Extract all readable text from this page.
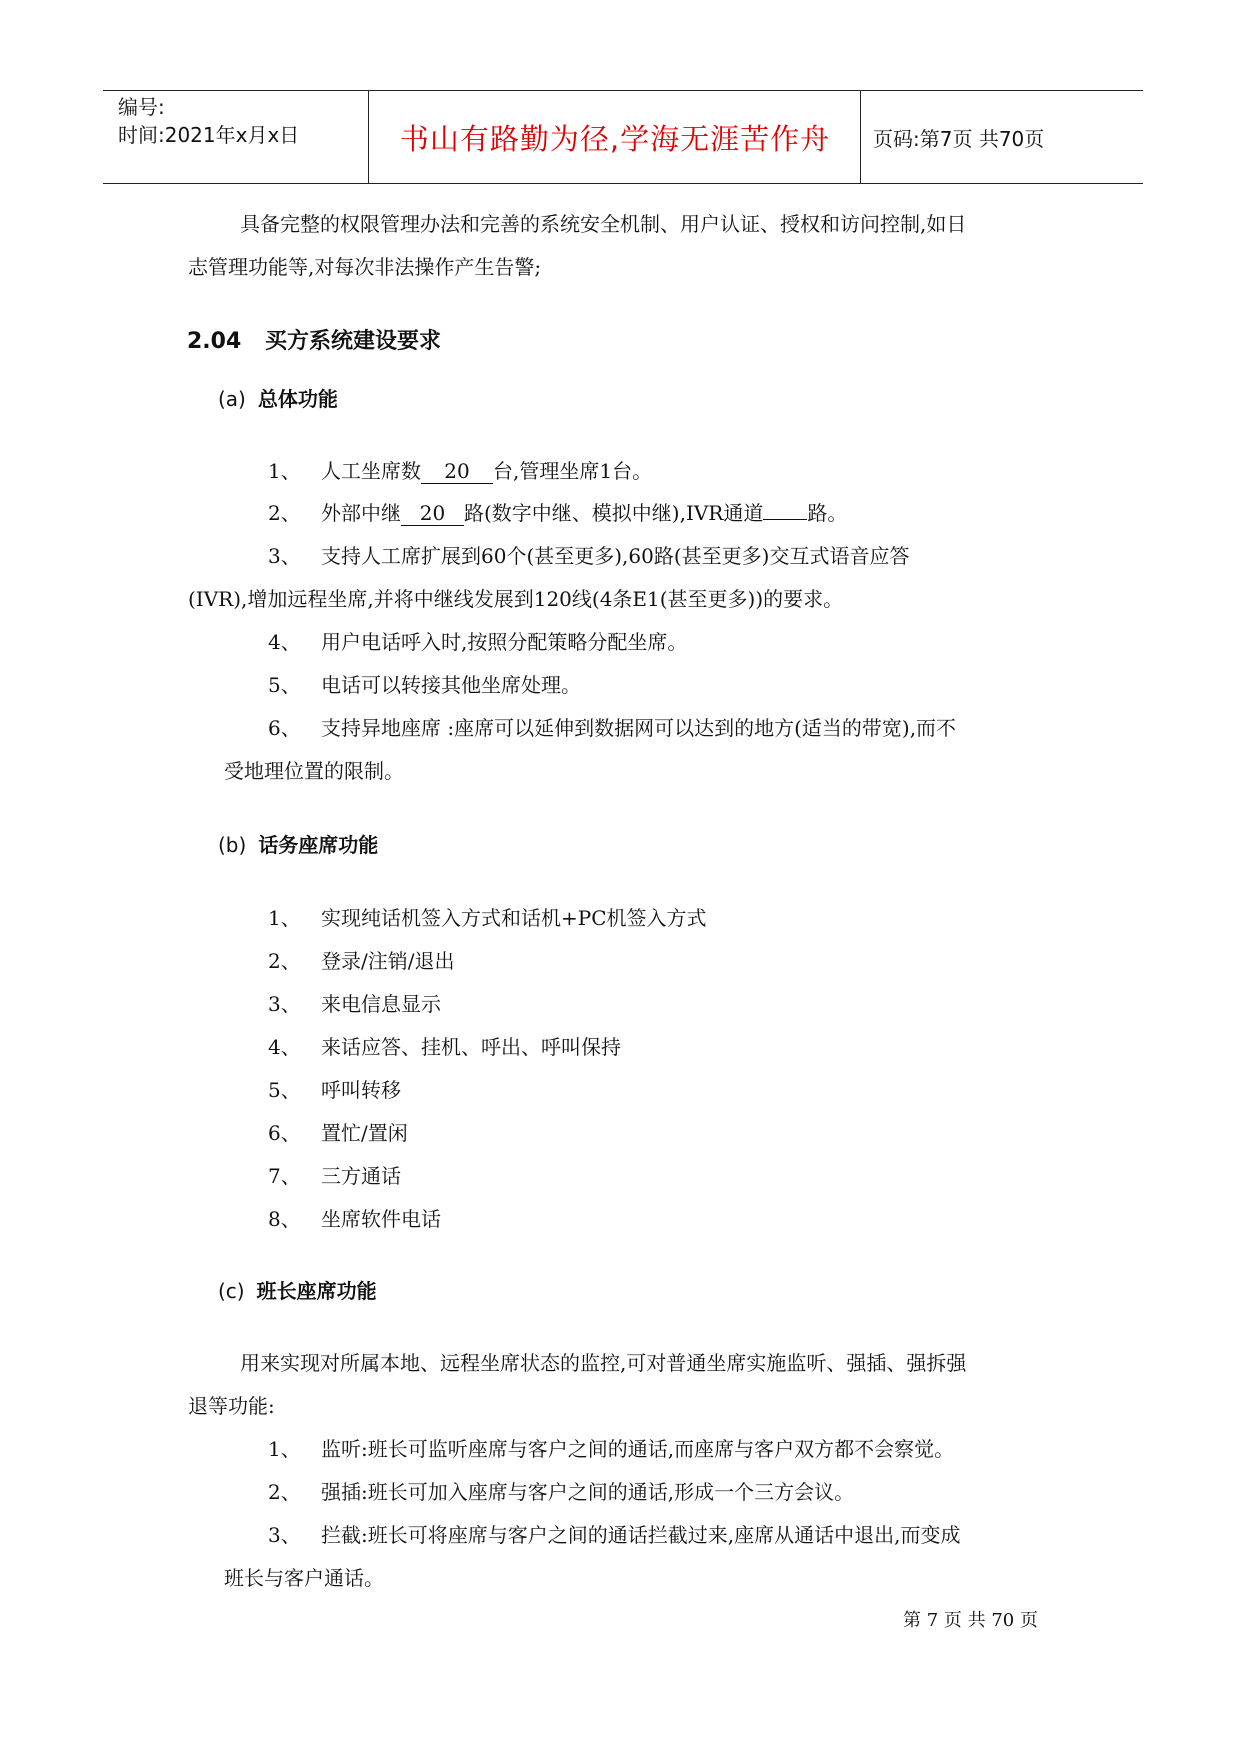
编号:
时间:2021年x月x日	书山有路勤为径,学海无涯苦作舟	页码:第7页 共70页
具备完整的权限管理办法和完善的系统安全机制、用户认证、授权和访问控制,如日
志管理功能等,对每次非法操作产生告警;
2.04 买方系统建设要求
(a) 总体功能
1、 人工坐席数 20 台,管理坐席1台。
2、 外部中继 20 路(数字中继、模拟中继),IVR通道 路。
3、 支持人工席扩展到60个(甚至更多),60路(甚至更多)交互式语音应答
(IVR),增加远程坐席,并将中继线发展到120线(4条E1(甚至更多))的要求。
4、 用户电话呼入时,按照分配策略分配坐席。
5、 电话可以转接其他坐席处理。
6、 支持异地座席 :座席可以延伸到数据网可以达到的地方(适当的带宽),而不
受地理位置的限制。
(b) 话务座席功能
1、 实现纯话机签入方式和话机+PC机签入方式
2、 登录/注销/退出
3、 来电信息显示
4、 来话应答、挂机、呼出、呼叫保持
5、 呼叫转移
6、 置忙/置闲
7、 三方通话
8、 坐席软件电话
(c) 班长座席功能
用来实现对所属本地、远程坐席状态的监控,可对普通坐席实施监听、强插、强拆强
退等功能:
1、 监听:班长可监听座席与客户之间的通话,而座席与客户双方都不会察觉。
2、 强插:班长可加入座席与客户之间的通话,形成一个三方会议。
3、 拦截:班长可将座席与客户之间的通话拦截过来,座席从通话中退出,而变成
班长与客户通话。
第 7 页 共 70 页
